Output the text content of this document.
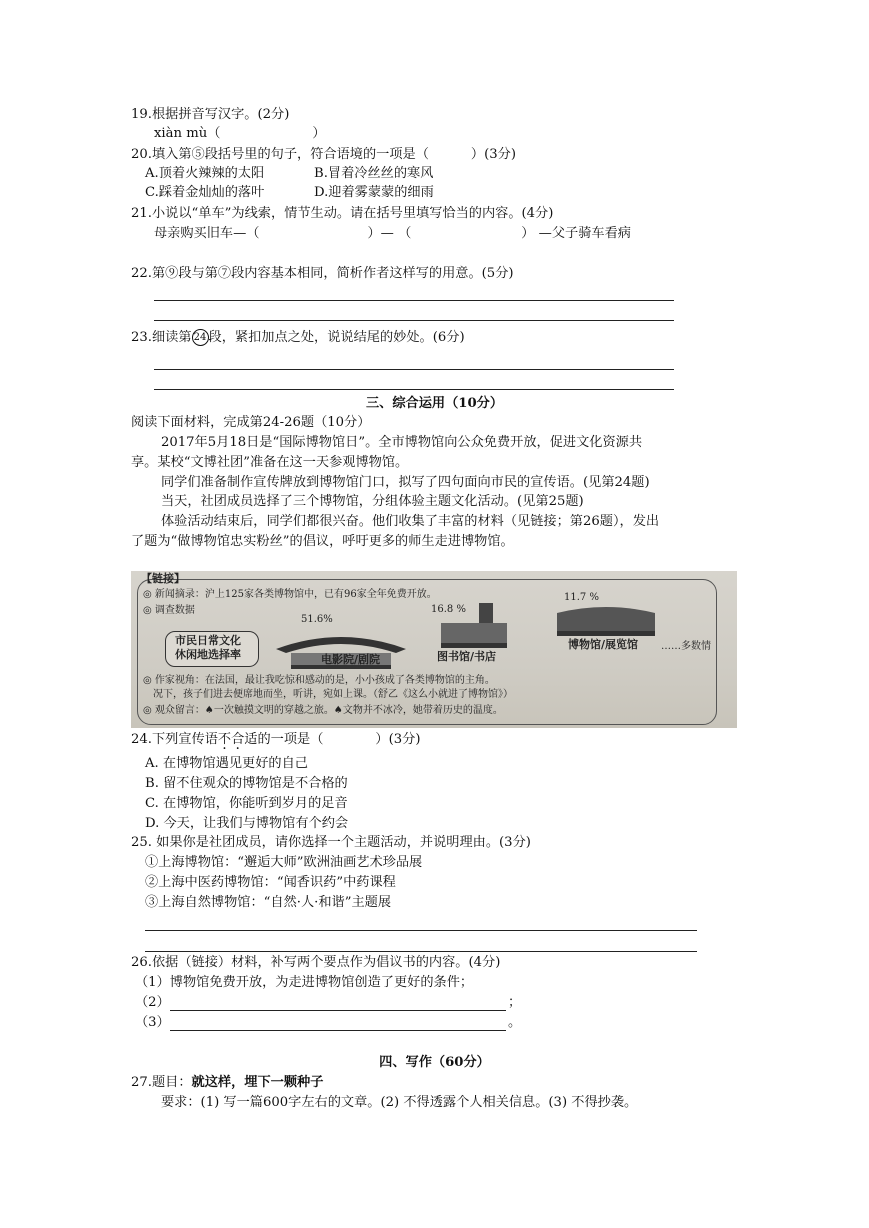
19.根据拼音写汉字。(2分)
xiàn mù（	）
20.填入第⑤段括号里的句子，符合语境的一项是（	）(3分)
A.顶着火辣辣的太阳	B.冒着冷丝丝的寒风
C.踩着金灿灿的落叶	D.迎着雾蒙蒙的细雨
21.小说以“单车”为线索，情节生动。请在括号里填写恰当的内容。(4分)
母亲购买旧车—（	）— （	） —父子骑车看病
22.第⑨段与第⑦段内容基本相同，简析作者这样写的用意。(5分)
23.细读第 24 段，紧扣加点之处，说说结尾的妙处。(6分)
三、综合运用（10分）
阅读下面材料，完成第24-26题（10分）
2017年5月18日是“国际博物馆日”。全市博物馆向公众免费开放，促进文化资源共
享。某校“文博社团”准备在这一天参观博物馆。
同学们准备制作宣传牌放到博物馆门口，拟写了四句面向市民的宣传语。(见第24题)
当天，社团成员选择了三个博物馆，分组体验主题文化活动。(见第25题)
体验活动结束后，同学们都很兴奋。他们收集了丰富的材料（见链接；第26题），发出
了题为“做博物馆忠实粉丝”的倡议，呼吁更多的师生走进博物馆。
【链接】
◎ 新闻摘录：沪上125家各类博物馆中，已有96家全年免费开放。
◎ 调查数据
市民日常文化
休闲地选择率
51.6%
电影院/剧院
16.8 %
图书馆/书店
11.7 %
博物馆/展览馆 ……多数情
◎ 作家视角：在法国，最让我吃惊和感动的是，小小孩成了各类博物馆的主角。
况下，孩子们进去便席地而坐，听讲，宛如上课。（舒乙《这么小就进了博物馆》）
◎ 观众留言：♠一次触摸文明的穿越之旅。♠文物并不冰冷，她带着历史的温度。
24.下列宣传语不合适的一项是（	）(3分)
A. 在博物馆遇见更好的自己
B. 留不住观众的博物馆是不合格的
C. 在博物馆，你能听到岁月的足音
D. 今天，让我们与博物馆有个约会
25. 如果你是社团成员，请你选择一个主题活动，并说明理由。(3分)
①上海博物馆：“邂逅大师”欧洲油画艺术珍品展
②上海中医药博物馆：“闻香识药”中药课程
③上海自然博物馆：“自然·人·和谐”主题展
26.依据（链接）材料，补写两个要点作为倡议书的内容。(4分)
（1）博物馆免费开放，为走进博物馆创造了更好的条件；
（2）	；
（3）	。
四、写作（60分）
27.题目：就这样，埋下一颗种子
要求：(1) 写一篇600字左右的文章。(2) 不得透露个人相关信息。(3) 不得抄袭。
